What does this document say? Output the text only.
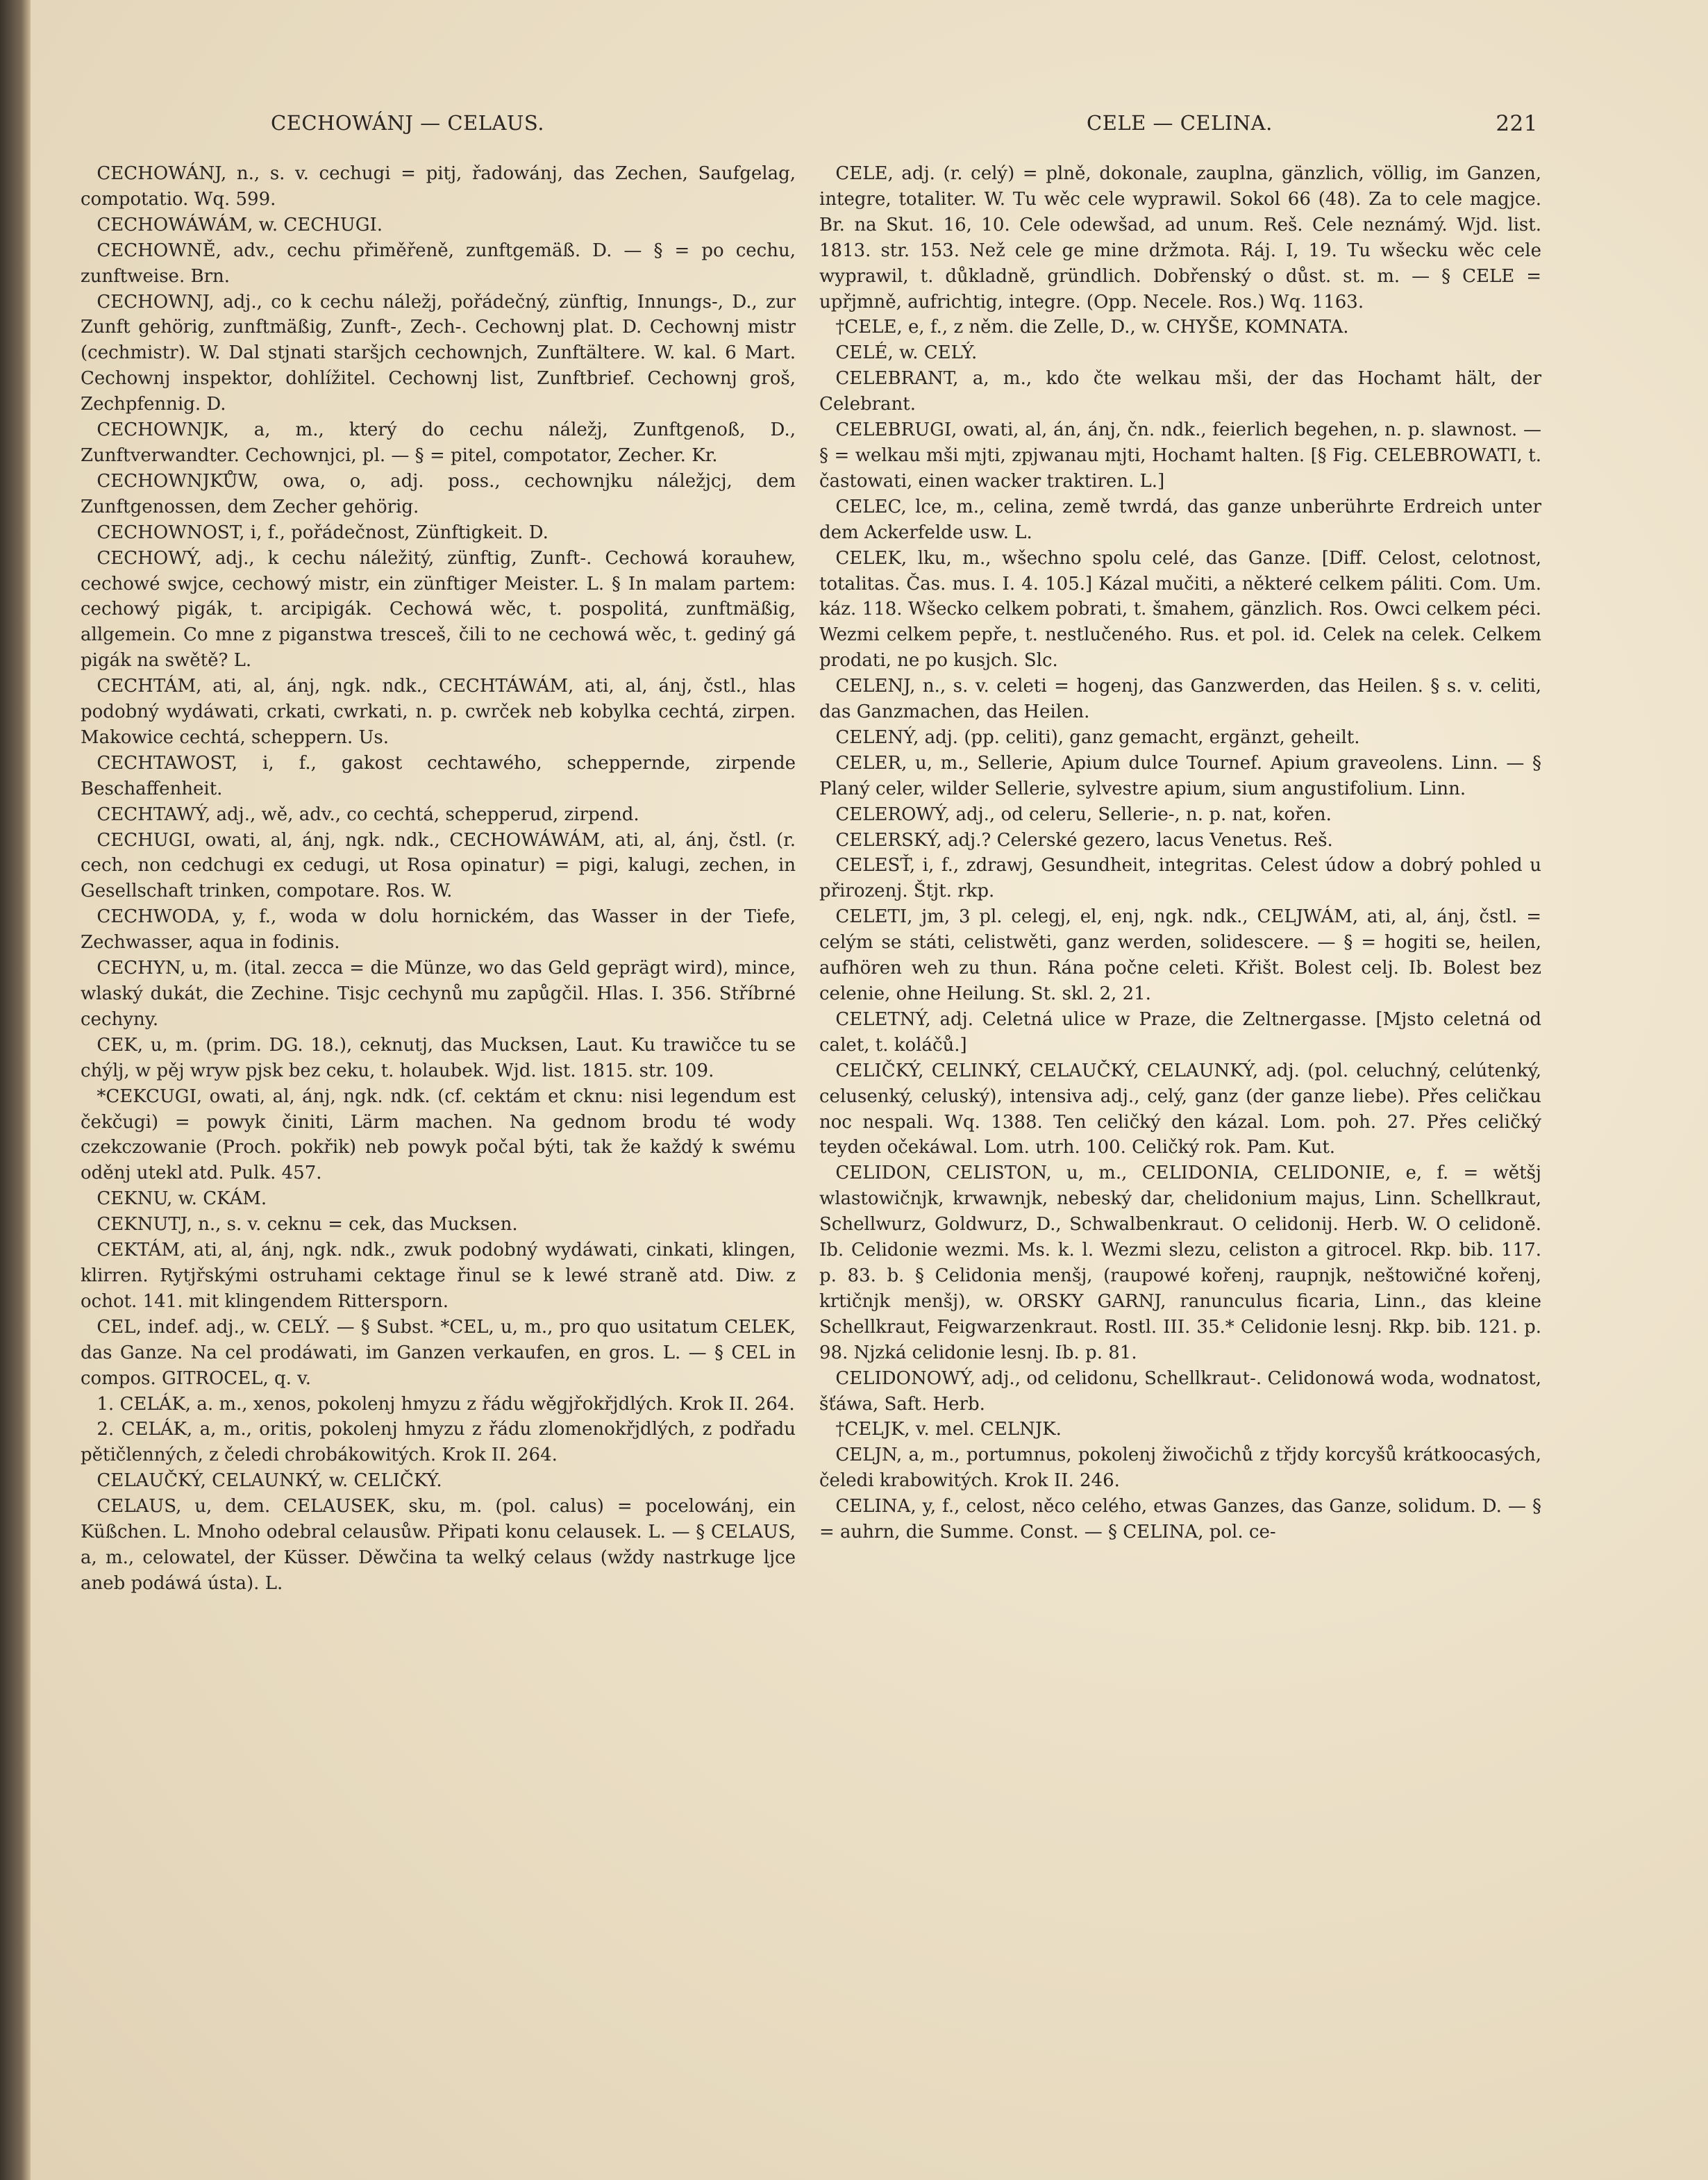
CECHOWÁNJ — CELAUS.	CELE — CELINA.	221

CECHOWÁNJ, n., s. v. cechugi = pitj, řadowánj, das Zechen, Saufgelag, compotatio. Wq. 599.

CECHOWÁWÁM, w. CECHUGI.

CECHOWNĚ, adv., cechu přiměřeně, zunftgemäß. D. — § = po cechu, zunftweise. Brn.

CECHOWNJ, adj., co k cechu náležj, pořádečný, zünftig, Innungs-, D., zur Zunft gehörig, zunftmäßig, Zunft-, Zech-. Cechownj plat. D. Cechownj mistr (cechmistr). W. Dal stjnati staršjch cechownjch, Zunftältere. W. kal. 6 Mart. Cechownj inspektor, dohlížitel. Cechownj list, Zunftbrief. Cechownj groš, Zechpfennig. D.

CECHOWNJK, a, m., který do cechu náležj, Zunftgenoß, D., Zunftverwandter. Cechownjci, pl. — § = pitel, compotator, Zecher. Kr.

CECHOWNJKŮW, owa, o, adj. poss., cechownjku náležjcj, dem Zunftgenossen, dem Zecher gehörig.

CECHOWNOST, i, f., pořádečnost, Zünftigkeit. D.

CECHOWÝ, adj., k cechu náležitý, zünftig, Zunft-. Cechowá korauhew, cechowé swjce, cechowý mistr, ein zünftiger Meister. L. § In malam partem: cechowý pigák, t. arcipigák. Cechowá wěc, t. pospolitá, zunftmäßig, allgemein. Co mne z piganstwa tresceš, čili to ne cechowá wěc, t. gediný gá pigák na swětě? L.

CECHTÁM, ati, al, ánj, ngk. ndk., CECHTÁWÁM, ati, al, ánj, čstl., hlas podobný wydáwati, crkati, cwrkati, n. p. cwrček neb kobylka cechtá, zirpen. Makowice cechtá, scheppern. Us.

CECHTAWOST, i, f., gakost cechtawého, scheppernde, zirpende Beschaffenheit.

CECHTAWÝ, adj., wě, adv., co cechtá, schepperud, zirpend.

CECHUGI, owati, al, ánj, ngk. ndk., CECHOWÁWÁM, ati, al, ánj, čstl. (r. cech, non cedchugi ex cedugi, ut Rosa opinatur) = pigi, kalugi, zechen, in Gesellschaft trinken, compotare. Ros. W.

CECHWODA, y, f., woda w dolu hornickém, das Wasser in der Tiefe, Zechwasser, aqua in fodinis.

CECHYN, u, m. (ital. zecca = die Münze, wo das Geld geprägt wird), mince, wlaský dukát, die Zechine. Tisjc cechynů mu zapůgčil. Hlas. I. 356. Stříbrné cechyny.

CEK, u, m. (prim. DG. 18.), ceknutj, das Mucksen, Laut. Ku trawičce tu se chýlj, w pěj wryw pjsk bez ceku, t. holaubek. Wjd. list. 1815. str. 109.

*CEKCUGI, owati, al, ánj, ngk. ndk. (cf. cektám et cknu: nisi legendum est čekčugi) = powyk činiti, Lärm machen. Na gednom brodu té wody czekczowanie (Proch. pokřik) neb powyk počal býti, tak že každý k swému oděnj utekl atd. Pulk. 457.

CEKNU, w. CKÁM.

CEKNUTJ, n., s. v. ceknu = cek, das Mucksen.

CEKTÁM, ati, al, ánj, ngk. ndk., zwuk podobný wydáwati, cinkati, klingen, klirren. Rytjřskými ostruhami cektage řinul se k lewé straně atd. Diw. z ochot. 141. mit klingendem Rittersporn.

CEL, indef. adj., w. CELÝ. — § Subst. *CEL, u, m., pro quo usitatum CELEK, das Ganze. Na cel prodáwati, im Ganzen verkaufen, en gros. L. — § CEL in compos. GITROCEL, q. v.

1. CELÁK, a. m., xenos, pokolenj hmyzu z řádu wěgjřokřjdlých. Krok II. 264.

2. CELÁK, a, m., oritis, pokolenj hmyzu z řádu zlomenokřjdlých, z podřadu pětičlenných, z čeledi chrobákowitých. Krok II. 264.

CELAUČKÝ, CELAUNKÝ, w. CELIČKÝ.

CELAUS, u, dem. CELAUSEK, sku, m. (pol. calus) = pocelowánj, ein Küßchen. L. Mnoho odebral celausůw. Připati konu celausek. L. — § CELAUS, a, m., celowatel, der Küsser. Děwčina ta welký celaus (wždy nastrkuge ljce aneb podáwá ústa). L.

CELE, adj. (r. celý) = plně, dokonale, zauplna, gänzlich, völlig, im Ganzen, integre, totaliter. W. Tu wěc cele wyprawil. Sokol 66 (48). Za to cele magjce. Br. na Skut. 16, 10. Cele odewšad, ad unum. Reš. Cele neznámý. Wjd. list. 1813. str. 153. Než cele ge mine držmota. Ráj. I, 19. Tu wšecku wěc cele wyprawil, t. důkladně, gründlich. Dobřenský o důst. st. m. — § CELE = upřjmně, aufrichtig, integre. (Opp. Necele. Ros.) Wq. 1163.

†CELE, e, f., z něm. die Zelle, D., w. CHYŠE, KOMNATA.

CELÉ, w. CELÝ.

CELEBRANT, a, m., kdo čte welkau mši, der das Hochamt hält, der Celebrant.

CELEBRUGI, owati, al, án, ánj, čn. ndk., feierlich begehen, n. p. slawnost. — § = welkau mši mjti, zpjwanau mjti, Hochamt halten. [§ Fig. CELEBROWATI, t. častowati, einen wacker traktiren. L.]

CELEC, lce, m., celina, země twrdá, das ganze unberührte Erdreich unter dem Ackerfelde usw. L.

CELEK, lku, m., wšechno spolu celé, das Ganze. [Diff. Celost, celotnost, totalitas. Čas. mus. I. 4. 105.] Kázal mučiti, a některé celkem páliti. Com. Um. káz. 118. Wšecko celkem pobrati, t. šmahem, gänzlich. Ros. Owci celkem péci. Wezmi celkem pepře, t. nestlučeného. Rus. et pol. id. Celek na celek. Celkem prodati, ne po kusjch. Slc.

CELENJ, n., s. v. celeti = hogenj, das Ganzwerden, das Heilen. § s. v. celiti, das Ganzmachen, das Heilen.

CELENÝ, adj. (pp. celiti), ganz gemacht, ergänzt, geheilt.

CELER, u, m., Sellerie, Apium dulce Tournef. Apium graveolens. Linn. — § Planý celer, wilder Sellerie, sylvestre apium, sium angustifolium. Linn.

CELEROWÝ, adj., od celeru, Sellerie-, n. p. nat, kořen.

CELERSKÝ, adj.? Celerské gezero, lacus Venetus. Reš.

CELESŤ, i, f., zdrawj, Gesundheit, integritas. Celest údow a dobrý pohled u přirozenj. Štjt. rkp.

CELETI, jm, 3 pl. celegj, el, enj, ngk. ndk., CELJWÁM, ati, al, ánj, čstl. = celým se státi, celistwěti, ganz werden, solidescere. — § = hogiti se, heilen, aufhören weh zu thun. Rána počne celeti. Křišt. Bolest celj. Ib. Bolest bez celenie, ohne Heilung. St. skl. 2, 21.

CELETNÝ, adj. Celetná ulice w Praze, die Zeltnergasse. [Mjsto celetná od calet, t. koláčů.]

CELIČKÝ, CELINKÝ, CELAUČKÝ, CELAUNKÝ, adj. (pol. celuchný, celútenký, celusenký, celuský), intensiva adj., celý, ganz (der ganze liebe). Přes celičkau noc nespali. Wq. 1388. Ten celičký den kázal. Lom. poh. 27. Přes celičký teyden očekáwal. Lom. utrh. 100. Celičký rok. Pam. Kut.

CELIDON, CELISTON, u, m., CELIDONIA, CELIDONIE, e, f. = wětšj wlastowičnjk, krwawnjk, nebeský dar, chelidonium majus, Linn. Schellkraut, Schellwurz, Goldwurz, D., Schwalbenkraut. O celidonij. Herb. W. O celidoně. Ib. Celidonie wezmi. Ms. k. l. Wezmi slezu, celiston a gitrocel. Rkp. bib. 117. p. 83. b. § Celidonia menšj, (raupowé kořenj, raupnjk, neštowičné kořenj, krtičnjk menšj), w. ORSKY GARNJ, ranunculus ficaria, Linn., das kleine Schellkraut, Feigwarzenkraut. Rostl. III. 35.* Celidonie lesnj. Rkp. bib. 121. p. 98. Njzká celidonie lesnj. Ib. p. 81.

CELIDONOWÝ, adj., od celidonu, Schellkraut-. Celidonowá woda, wodnatost, šťáwa, Saft. Herb.

†CELJK, v. mel. CELNJK.

CELJN, a, m., portumnus, pokolenj žiwočichů z třjdy korcyšů krátkoocasých, čeledi krabowitých. Krok II. 246.

CELINA, y, f., celost, něco celého, etwas Ganzes, das Ganze, solidum. D. — § = auhrn, die Summe. Const. — § CELINA, pol. ce-
